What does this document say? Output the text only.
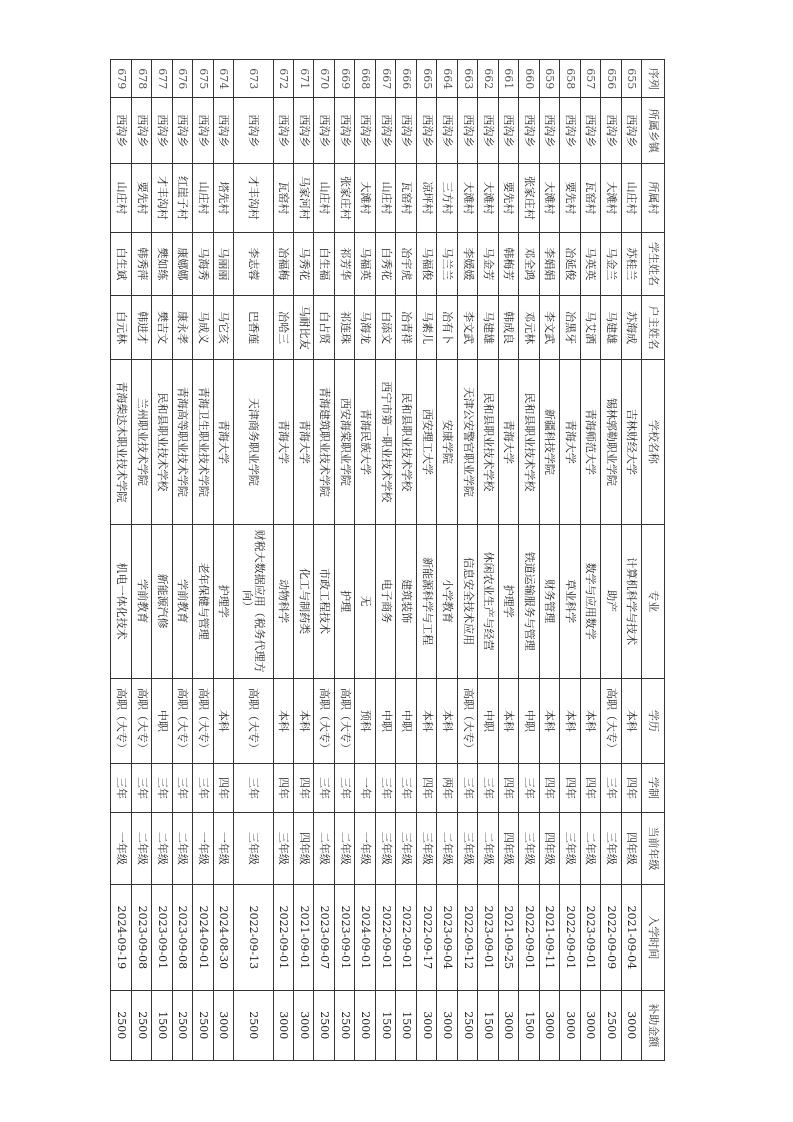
序列	所属乡镇	所属村	学生姓名	户主姓名	学校名称	专业	学历	学制	当前年级	入学时间	补助金额
655	西沟乡	山庄村	苏桂兰	苏海成	吉林财经大学	计算机科学与技术	本科	四年	四年级	2021-09-04	3000
656	西沟乡	大滩村	马金兰	马建雄	锡林郭勒职业学院	助产	高职（大专）	三年	三年级	2022-09-09	2500
657	西沟乡	瓦窑村	马英英	马艾洒	青海师范大学	数学与应用数学	本科	四年	二年级	2023-09-01	3000
658	西沟乡	要先村	冶延俊	冶黑牙	青海大学	草业科学	本科	四年	三年级	2022-09-01	3000
659	西沟乡	大滩村	李娟娟	李文武	新疆科技学院	财务管理	本科	四年	四年级	2021-09-11	3000
660	西沟乡	张家庄村	邓全鸿	邓元林	民和县职业技术学校	铁道运输服务与管理	中职	三年	三年级	2022-09-01	1500
661	西沟乡	要先村	韩梅芳	韩成良	青海大学	护理学	本科	四年	四年级	2021-09-25	3000
662	西沟乡	大滩村	马金芳	马建雄	民和县职业技术学校	休闲农业生产与经营	中职	三年	二年级	2023-09-01	1500
663	西沟乡	大滩村	李媛媛	李文武	天津公安警官职业学院	信息安全技术应用	高职（大专）	三年	三年级	2022-09-12	2500
664	西沟乡	三方村	马兰兰	冶有卜	安康学院	小学教育	本科	两年	二年级	2023-09-04	3000
665	西沟乡	凉坪村	马福俊	马素儿	西安理工大学	新能源科学与工程	本科	四年	三年级	2022-09-17	3000
666	西沟乡	瓦窑村	冶宇虎	冶青祥	民和县职业技术学校	建筑装饰	中职	三年	三年级	2022-09-01	1500
667	西沟乡	山庄村	白秀花	白添文	西宁市第一职业技术学校	电子商务	中职	三年	三年级	2022-09-01	1500
668	西沟乡	大滩村	马福英	马海龙	青海民族大学	无	预科	一年	一年级	2024-09-01	2000
669	西沟乡	张家庄村	祁芳华	祁连珠	西安海棠职业学院	护理	高职（大专）	三年	二年级	2023-09-01	2500
670	西沟乡	山庄村	白生福	白占贤	青海建筑职业技术学院	市政工程技术	高职（大专）	三年	二年级	2023-09-07	2500
671	西沟乡	马家河村	马秀花	马耐比友	青海大学	化工与制药类	本科	四年	四年级	2021-09-01	3000
672	西沟乡	瓦窑村	冶福梅	冶哈三	青海大学	动物科学	本科	四年	三年级	2022-09-01	3000
673	西沟乡	才丰沟村	李志蓉	巴香莲	天津商务职业学院	财税大数据应用（税务代理方向）	高职（大专）	三年	三年级	2022-09-13	2500
674	西沟乡	塔先村	马丽丽	马它亥	青海大学	护理学	本科	四年	一年级	2024-08-30	3000
675	西沟乡	山庄村	马海秀	马成义	青海卫生职业技术学院	老年保健与管理	高职（大专）	三年	一年级	2024-09-01	2500
676	西沟乡	红崖子村	康娜娜	康永孝	青海高等职业技术学院	学前教育	高职（大专）	三年	二年级	2023-09-08	2500
677	西沟乡	才丰沟村	樊如练	樊吉文	民和县职业技术学校	新能源汽修	中职	三年	二年级	2023-09-01	1500
678	西沟乡	要先村	韩秀萍	韩进才	兰州职业技术学院	学前教育	高职（大专）	三年	二年级	2023-09-08	2500
679	西沟乡	山庄村	白生斌	白元林	青海柴达木职业技术学院	机电一体化技术	高职（大专）	三年	一年级	2024-09-19	2500
